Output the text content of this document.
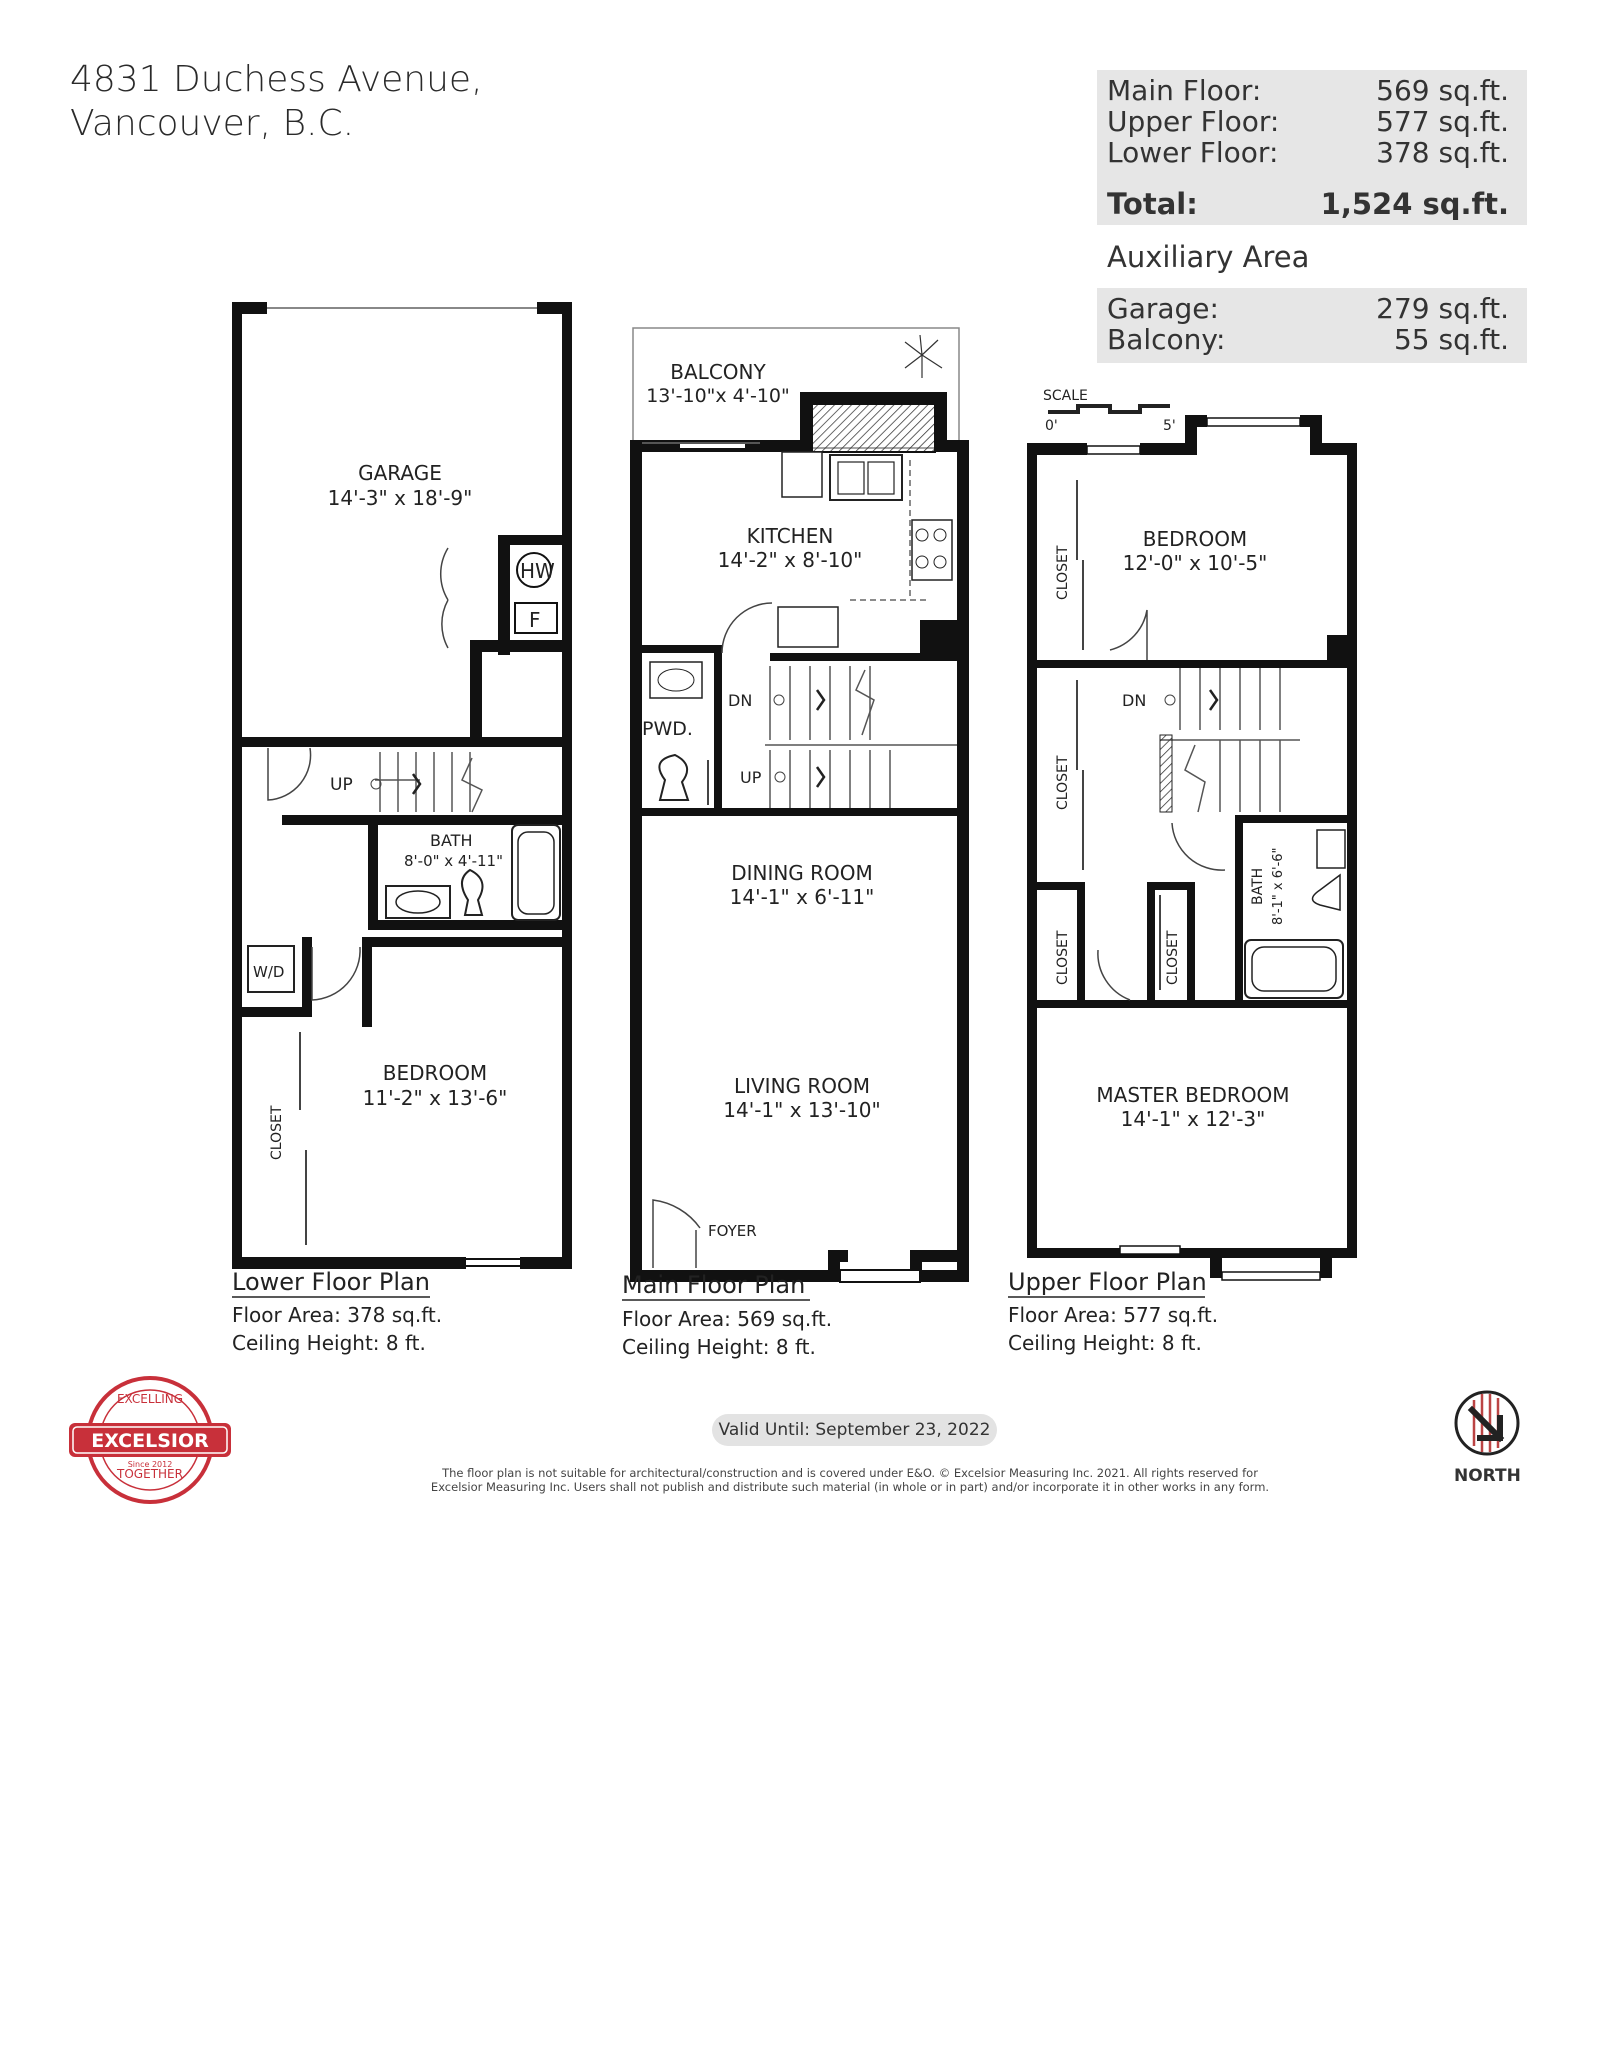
4831 Duchess Avenue,
Vancouver, B.C.
Main Floor:	569 sq.ft.
Upper Floor:	577 sq.ft.
Lower Floor:	378 sq.ft.
Total:	1,524 sq.ft.
Auxiliary Area
Garage:	279 sq.ft.
Balcony:	55 sq.ft.
SCALE
0'	5'
HW
F
UP
BATH
8'-0" x 4'-11"
W/D
CLOSET
GARAGE
14'-3" x 18'-9"
BEDROOM
11'-2" x 13'-6"
DN
UP
PWD.
BALCONY
13'-10"x 4'-10"
KITCHEN
14'-2" x 8'-10"
DINING ROOM
14'-1" x 6'-11"
LIVING ROOM
14'-1" x 13'-10"
FOYER
DN
BEDROOM
12'-0" x 10'-5"
CLOSET
CLOSET
BATH 8'-1" x 6'-6"
CLOSET	CLOSET
MASTER BEDROOM
14'-1" x 12'-3"
Lower Floor Plan
Floor Area: 378 sq.ft.
Ceiling Height: 8 ft.
Main Floor Plan
Floor Area: 569 sq.ft.
Ceiling Height: 8 ft.
Upper Floor Plan
Floor Area: 577 sq.ft.
Ceiling Height: 8 ft.
EXCELLING
EXCELSIOR
TOGETHER
Since 2012
NORTH
Valid Until: September 23, 2022
The floor plan is not suitable for architectural/construction and is covered under E&O. © Excelsior Measuring Inc. 2021. All rights reserved for
Excelsior Measuring Inc. Users shall not publish and distribute such material (in whole or in part) and/or incorporate it in other works in any form.
